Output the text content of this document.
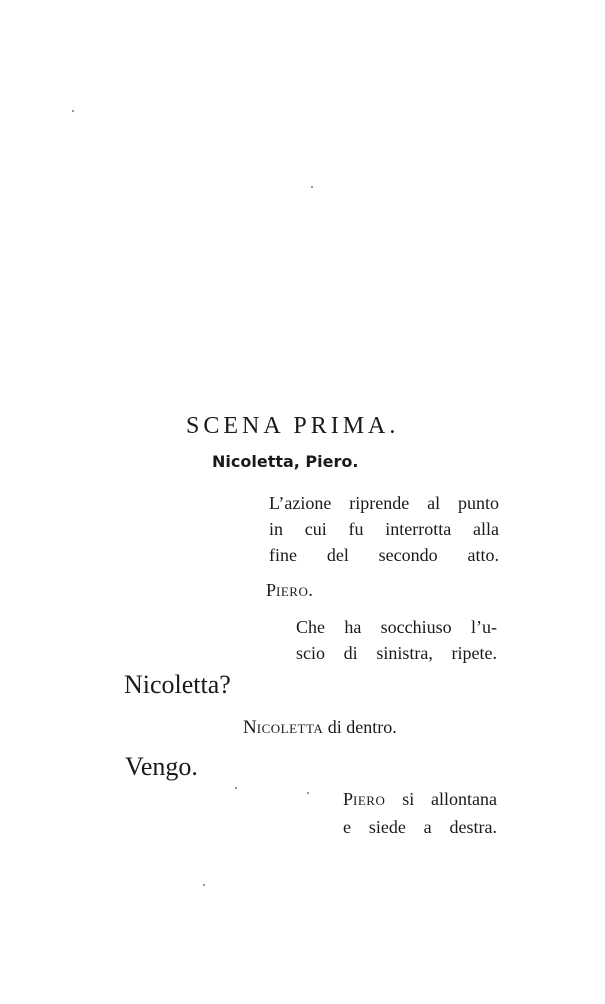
SCENA PRIMA.
Nicoletta, Piero.
L’azione riprende al punto
in cui fu interrotta alla
fine del secondo atto.
PIERO.
Che ha socchiuso l’u-
scio di sinistra, ripete.
Nicoletta?
NICOLETTA di dentro.
Vengo.
PIERO si allontana
e siede a destra.
